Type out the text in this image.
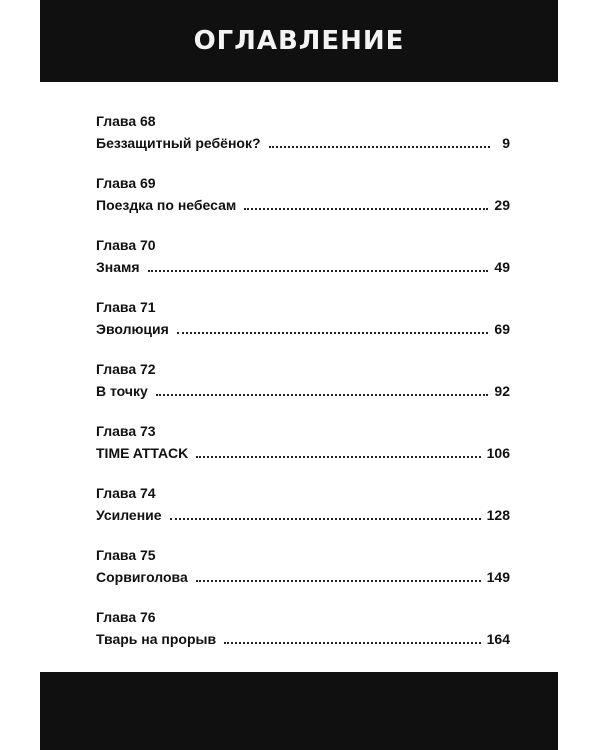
ОГЛАВЛЕНИЕ
Глава 68
Беззащитный ребёнок?	9
Глава 69
Поездка по небесам	29
Глава 70
Знамя	49
Глава 71
Эволюция	69
Глава 72
В точку	92
Глава 73
TIME ATTACK	106
Глава 74
Усиление	128
Глава 75
Сорвиголова	149
Глава 76
Тварь на прорыв	164
